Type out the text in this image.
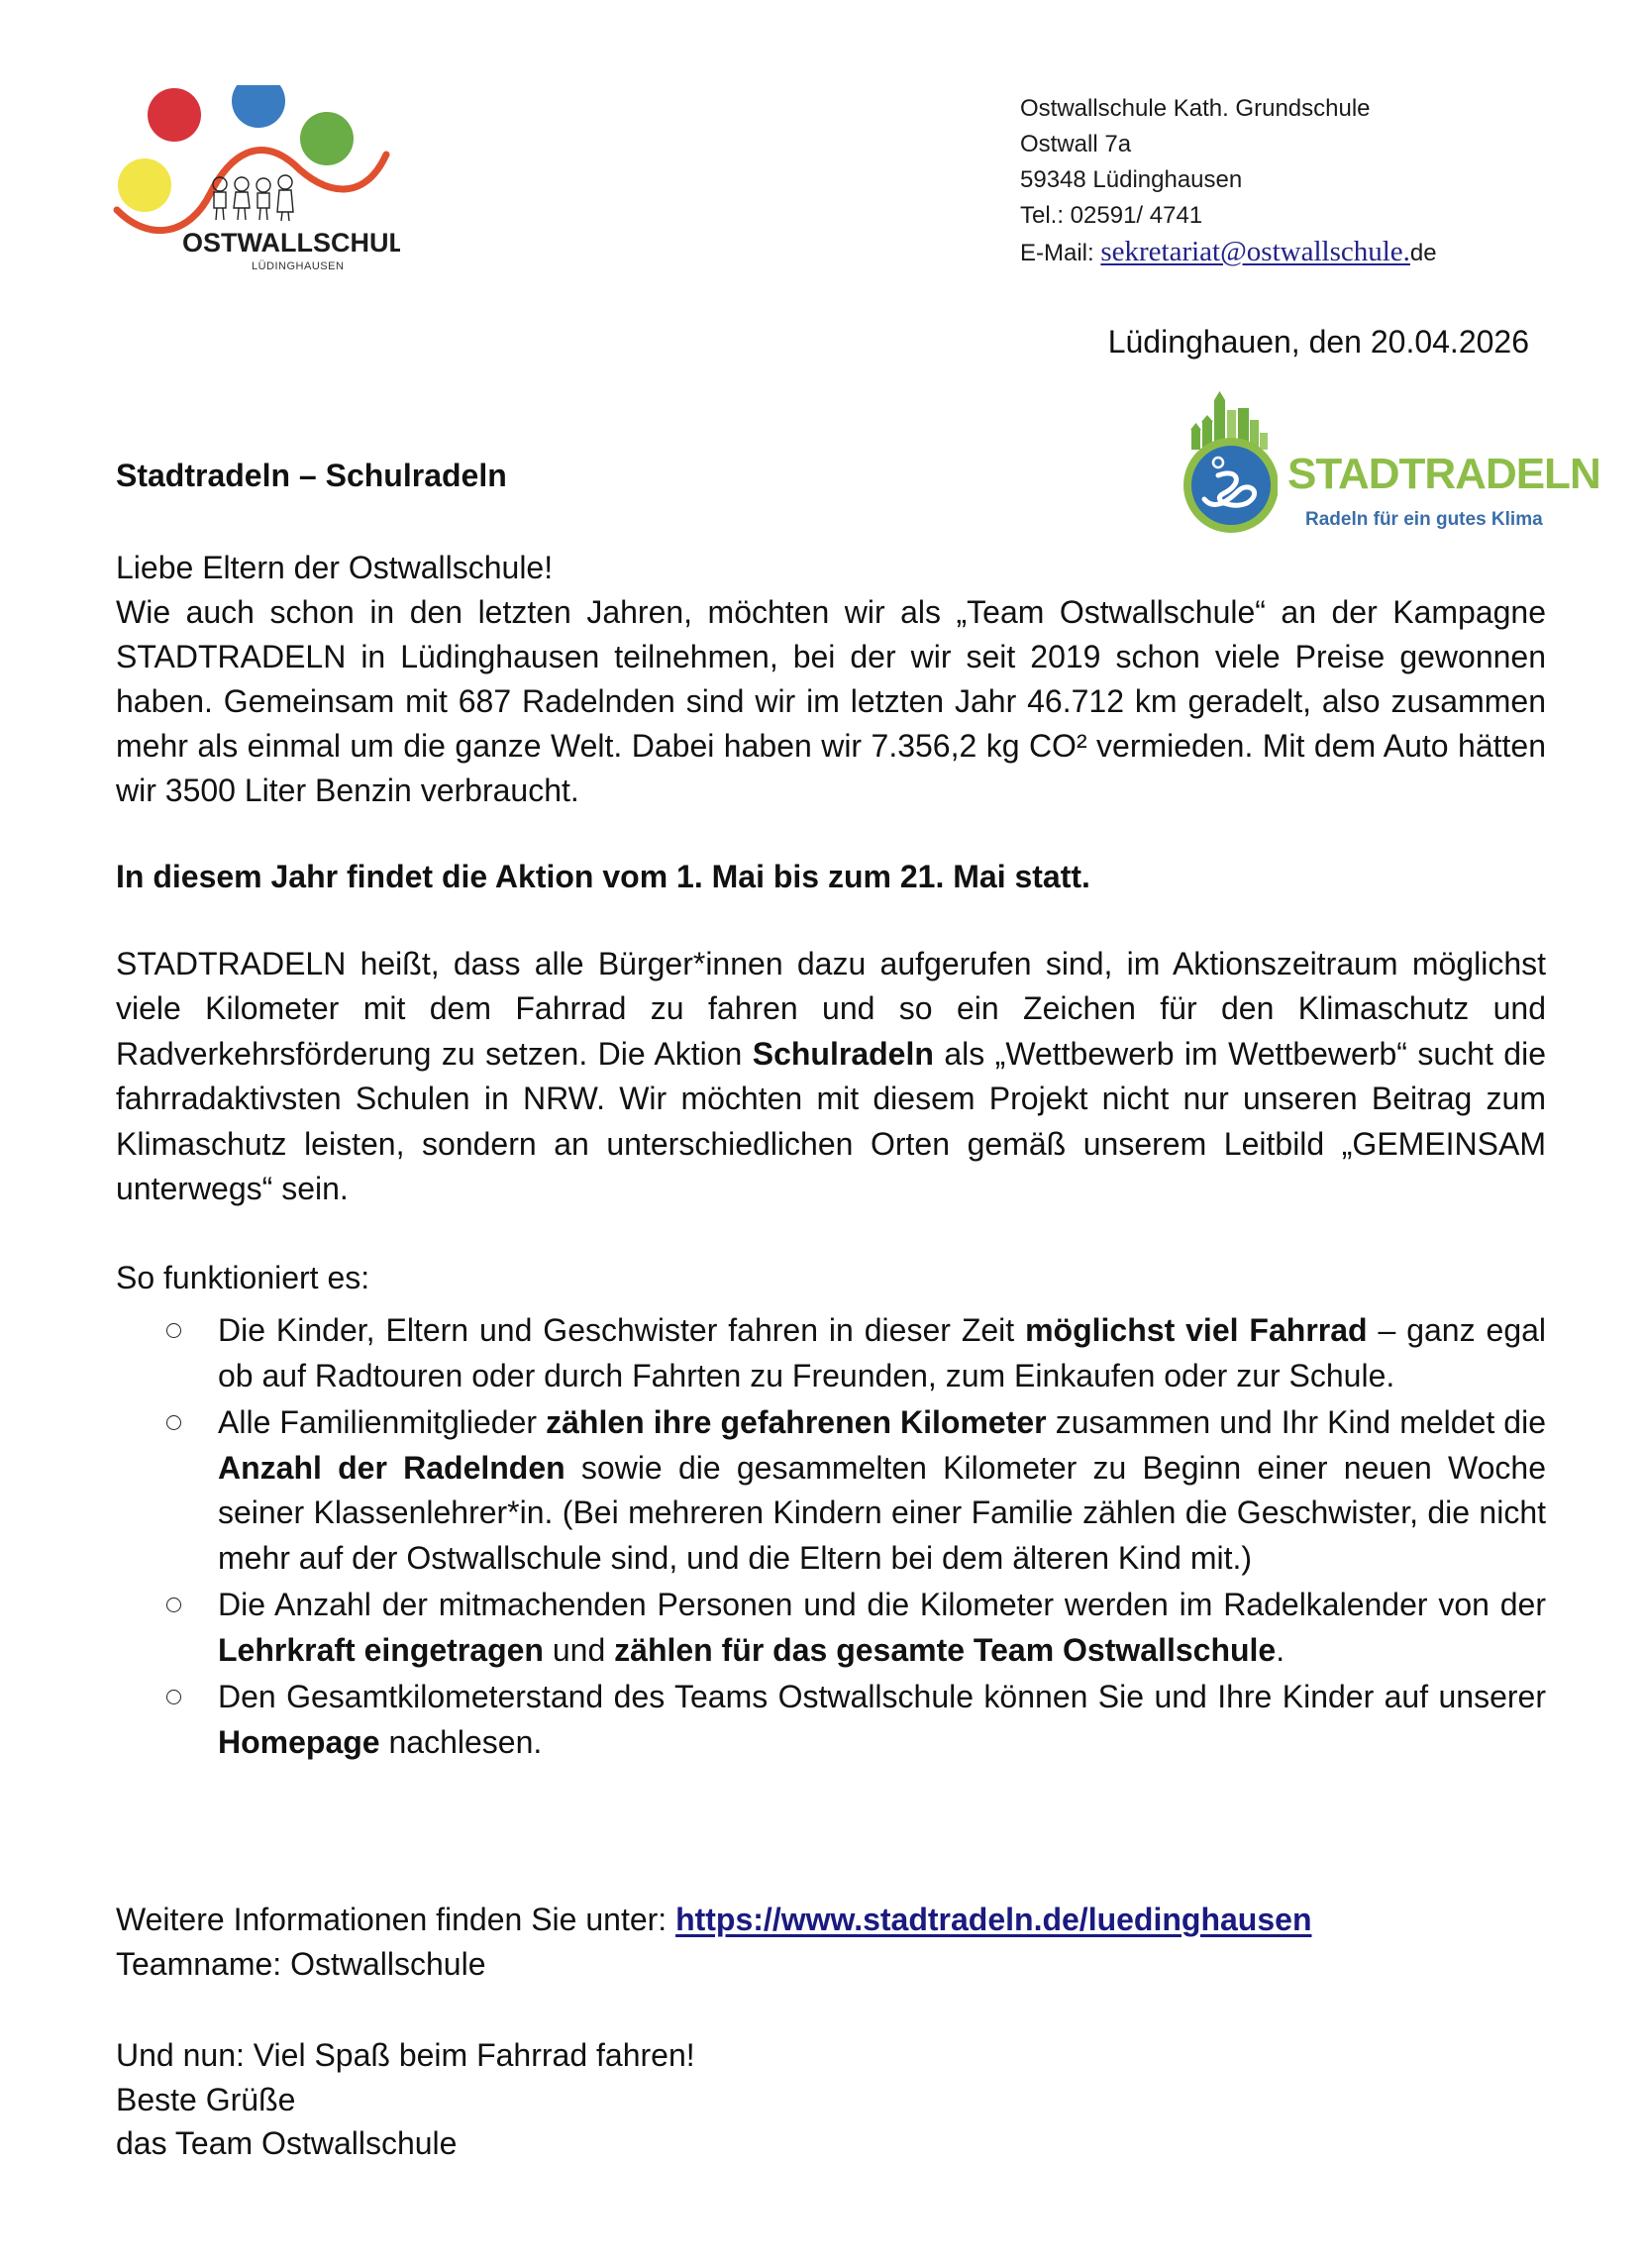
OSTWALLSCHULE
LÜDINGHAUSEN
Ostwallschule Kath. Grundschule
Ostwall 7a
59348 Lüdinghausen
Tel.: 02591/ 4741
E-Mail: sekretariat@ostwallschule.de
Lüdinghauen, den 20.04.2026
STADTRADELN
Radeln für ein gutes Klima
Stadtradeln – Schulradeln

Liebe Eltern der Ostwallschule!

Wie auch schon in den letzten Jahren, möchten wir als „Team Ostwallschule“ an der Kampagne STADTRADELN in Lüdinghausen teilnehmen, bei der wir seit 2019 schon viele Preise gewonnen haben. Gemeinsam mit 687 Radelnden sind wir im letzten Jahr 46.712 km geradelt, also zusammen mehr als einmal um die ganze Welt. Dabei haben wir 7.356,2 kg CO² vermieden. Mit dem Auto hätten wir 3500 Liter Benzin verbraucht.

In diesem Jahr findet die Aktion vom 1. Mai bis zum 21. Mai statt.

STADTRADELN heißt, dass alle Bürger*innen dazu aufgerufen sind, im Aktionszeitraum möglichst viele Kilometer mit dem Fahrrad zu fahren und so ein Zeichen für den Klimaschutz und Radverkehrsförderung zu setzen. Die Aktion Schulradeln als „Wettbewerb im Wettbewerb“ sucht die fahrradaktivsten Schulen in NRW. Wir möchten mit diesem Projekt nicht nur unseren Beitrag zum Klimaschutz leisten, sondern an unterschiedlichen Orten gemäß unserem Leitbild „GEMEINSAM unterwegs“ sein.

So funktioniert es:
Die Kinder, Eltern und Geschwister fahren in dieser Zeit möglichst viel Fahrrad – ganz egal ob auf Radtouren oder durch Fahrten zu Freunden, zum Einkaufen oder zur Schule.
Alle Familienmitglieder zählen ihre gefahrenen Kilometer zusammen und Ihr Kind meldet die Anzahl der Radelnden sowie die gesammelten Kilometer zu Beginn einer neuen Woche seiner Klassenlehrer*in. (Bei mehreren Kindern einer Familie zählen die Geschwister, die nicht mehr auf der Ostwallschule sind, und die Eltern bei dem älteren Kind mit.)
Die Anzahl der mitmachenden Personen und die Kilometer werden im Radelkalender von der Lehrkraft eingetragen und zählen für das gesamte Team Ostwallschule.
Den Gesamtkilometerstand des Teams Ostwallschule können Sie und Ihre Kinder auf unserer Homepage nachlesen.

Weitere Informationen finden Sie unter: https://www.stadtradeln.de/luedinghausen

Teamname: Ostwallschule

Und nun: Viel Spaß beim Fahrrad fahren!

Beste Grüße

das Team Ostwallschule
